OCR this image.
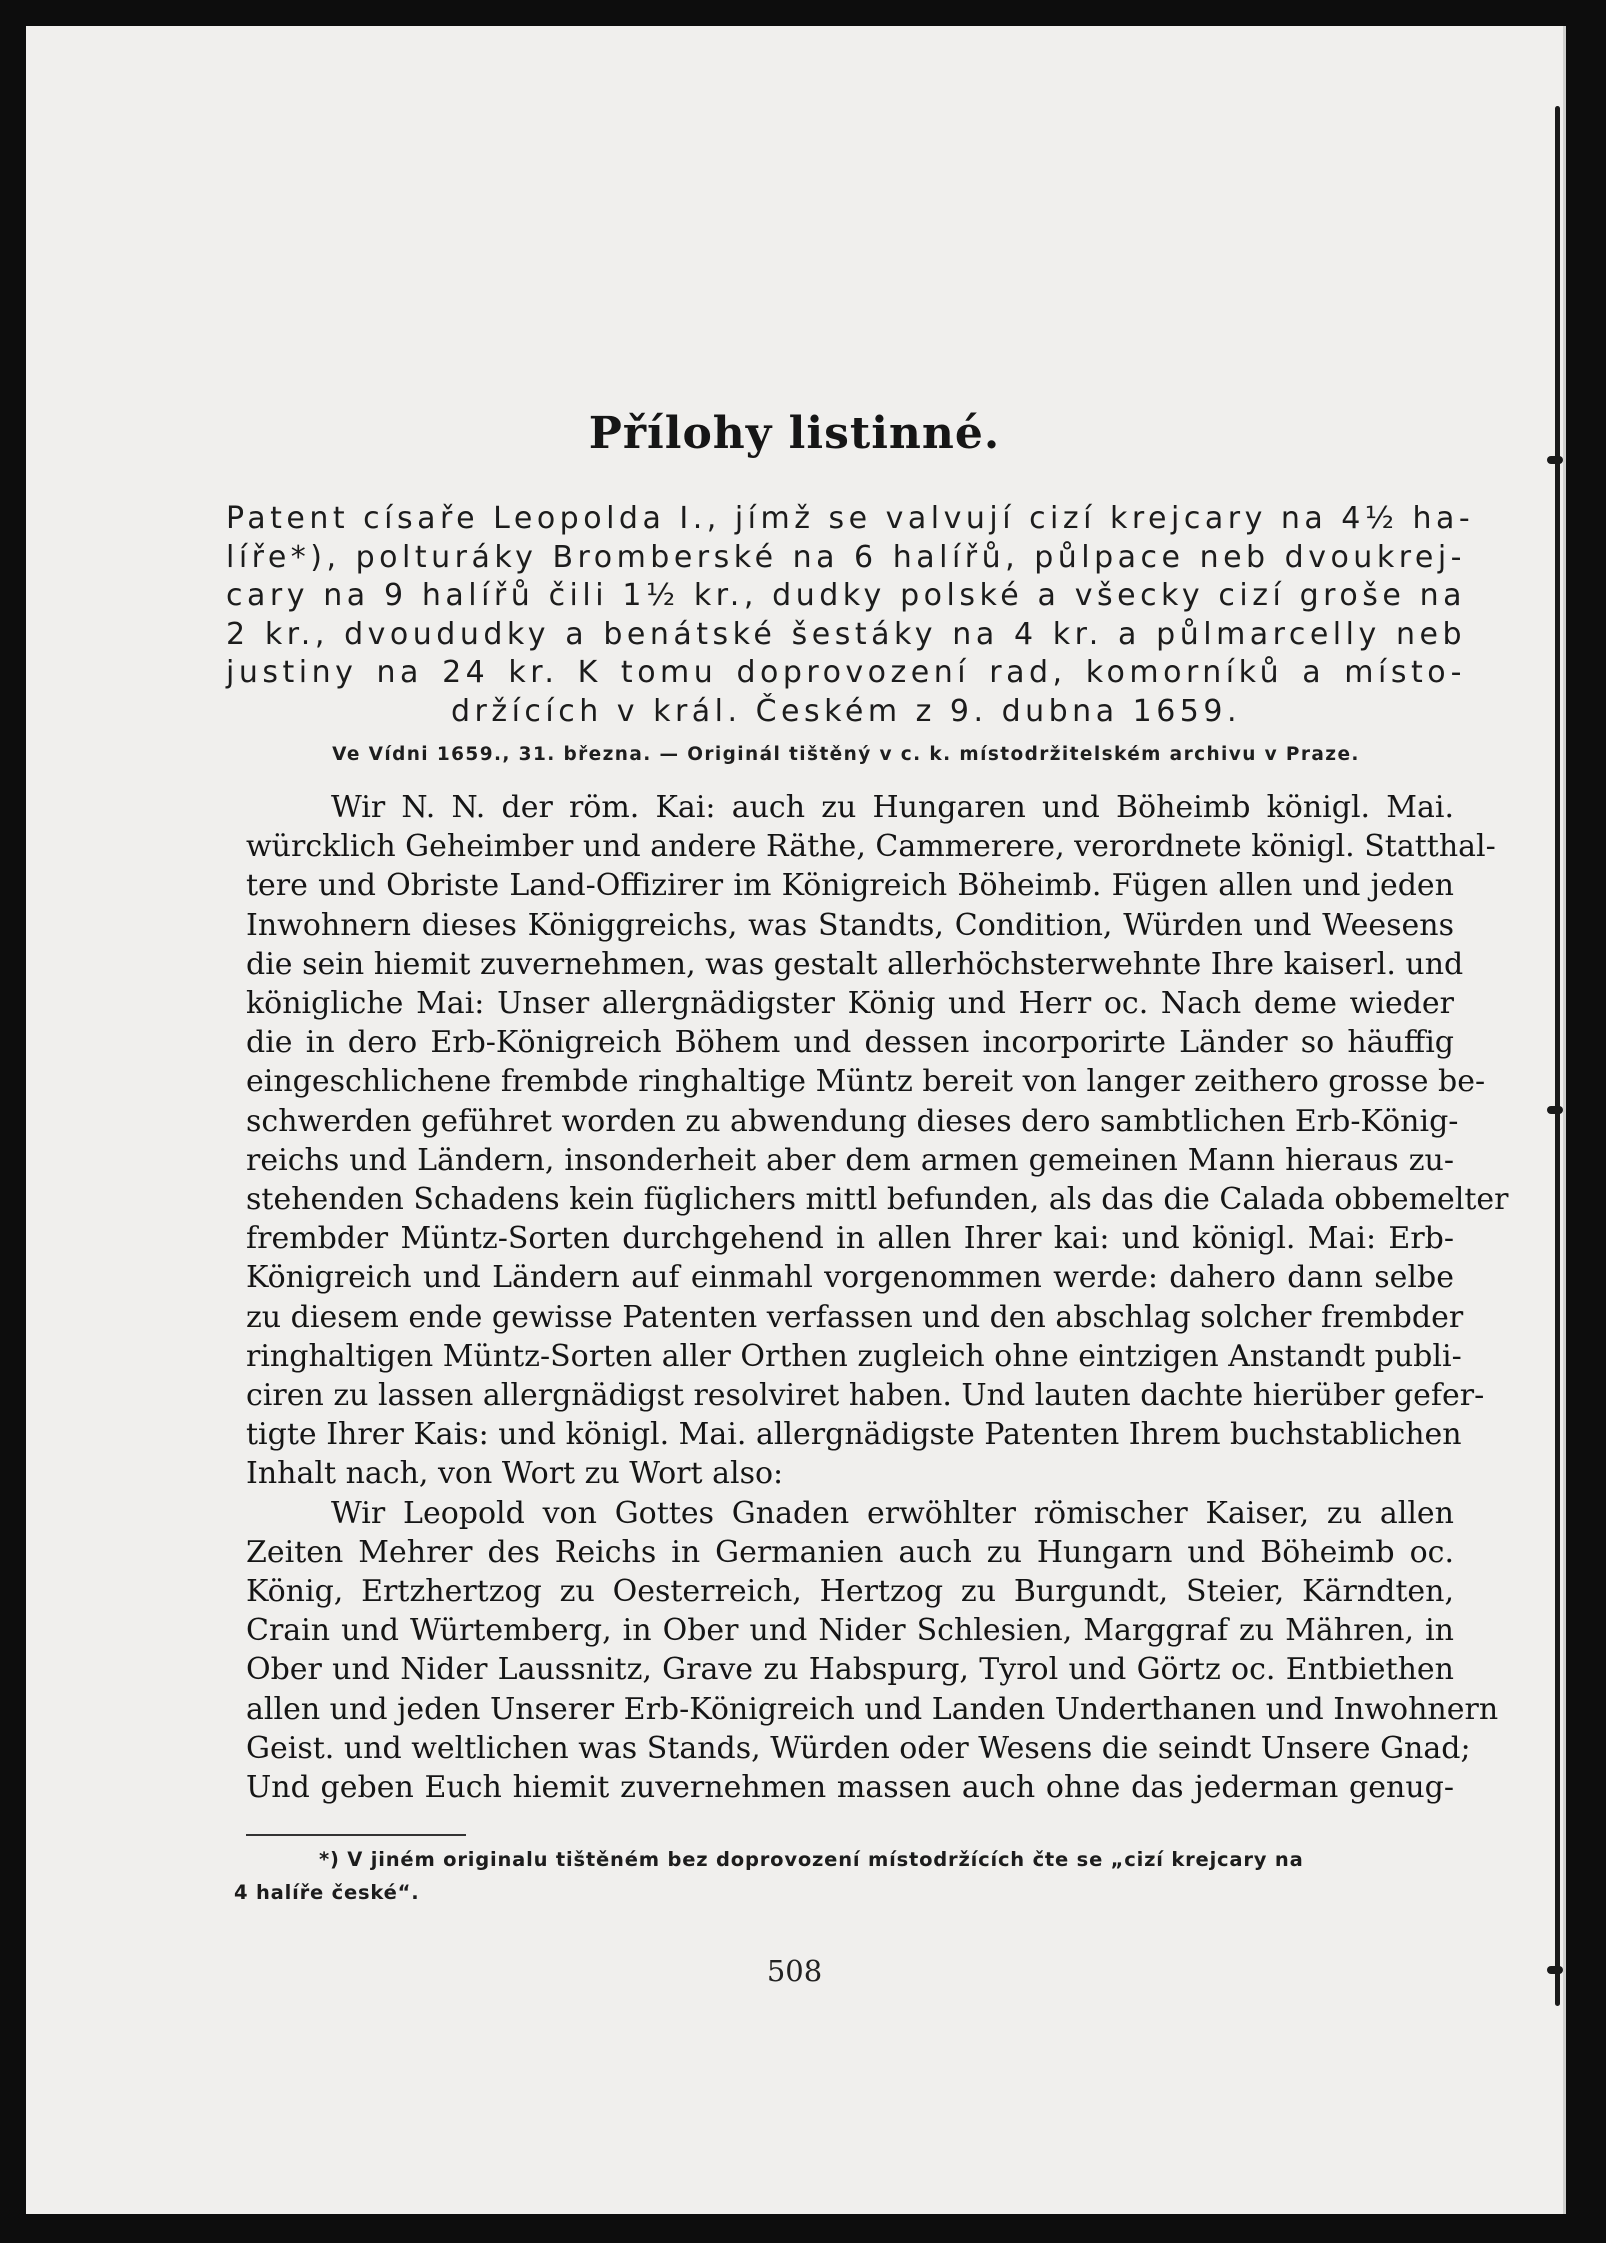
Přílohy listinné.
Patent císaře Leopolda I., jímž se valvují cizí krejcary na 4½ ha-
líře*), polturáky Bromberské na 6 halířů, půlpace neb dvoukrej-
cary na 9 halířů čili 1½ kr., dudky polské a všecky cizí groše na
2 kr., dvoududky a benátské šestáky na 4 kr. a půlmarcelly neb
justiny na 24 kr. K tomu doprovození rad, komorníků a místo-
držících v král. Českém z 9. dubna 1659.
Ve Vídni 1659., 31. března. — Originál tištěný v c. k. místodržitelském archivu v Praze.
Wir N. N. der röm. Kai: auch zu Hungaren und Böheimb königl. Mai.
würcklich Geheimber und andere Räthe, Cammerere, verordnete königl. Statthal-
tere und Obriste Land-Offizirer im Königreich Böheimb. Fügen allen und jeden
Inwohnern dieses Königgreichs, was Standts, Condition, Würden und Weesens
die sein hiemit zuvernehmen, was gestalt allerhöchsterwehnte Ihre kaiserl. und
königliche Mai: Unser allergnädigster König und Herr oc. Nach deme wieder
die in dero Erb-Königreich Böhem und dessen incorporirte Länder so häuffig
eingeschlichene frembde ringhaltige Müntz bereit von langer zeithero grosse be-
schwerden geführet worden zu abwendung dieses dero sambtlichen Erb-König-
reichs und Ländern, insonderheit aber dem armen gemeinen Mann hieraus zu-
stehenden Schadens kein füglichers mittl befunden, als das die Calada obbemelter
frembder Müntz-Sorten durchgehend in allen Ihrer kai: und königl. Mai: Erb-
Königreich und Ländern auf einmahl vorgenommen werde: dahero dann selbe
zu diesem ende gewisse Patenten verfassen und den abschlag solcher frembder
ringhaltigen Müntz-Sorten aller Orthen zugleich ohne eintzigen Anstandt publi-
ciren zu lassen allergnädigst resolviret haben. Und lauten dachte hierüber gefer-
tigte Ihrer Kais: und königl. Mai. allergnädigste Patenten Ihrem buchstablichen
Inhalt nach, von Wort zu Wort also:
Wir Leopold von Gottes Gnaden erwöhlter römischer Kaiser, zu allen
Zeiten Mehrer des Reichs in Germanien auch zu Hungarn und Böheimb oc.
König, Ertzhertzog zu Oesterreich, Hertzog zu Burgundt, Steier, Kärndten,
Crain und Würtemberg, in Ober und Nider Schlesien, Marggraf zu Mähren, in
Ober und Nider Laussnitz, Grave zu Habspurg, Tyrol und Görtz oc. Entbiethen
allen und jeden Unserer Erb-Königreich und Landen Underthanen und Inwohnern
Geist. und weltlichen was Stands, Würden oder Wesens die seindt Unsere Gnad;
Und geben Euch hiemit zuvernehmen massen auch ohne das jederman genug-
*) V jiném originalu tištěném bez doprovození místodržících čte se „cizí krejcary na
4 halíře české“.
508
